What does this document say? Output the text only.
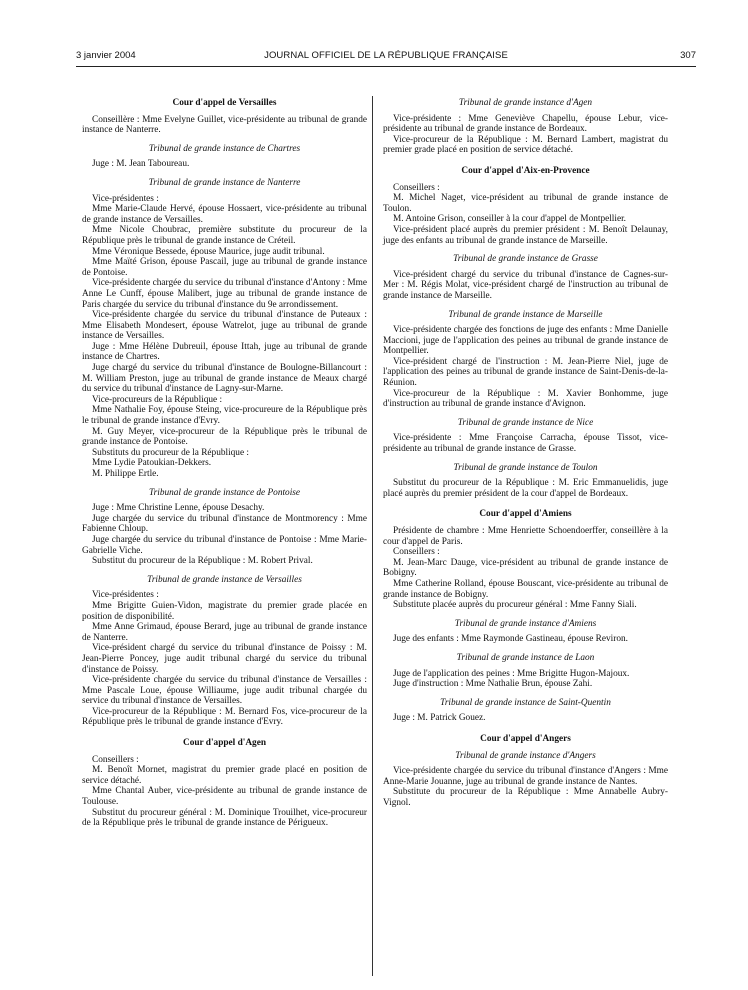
3 janvier 2004	JOURNAL OFFICIEL DE LA RÉPUBLIQUE FRANÇAISE	307
Cour d'appel de Versailles

Conseillère : Mme Evelyne Guillet, vice-présidente au tribunal de grande instance de Nanterre.

Tribunal de grande instance de Chartres

Juge : M. Jean Taboureau.

Tribunal de grande instance de Nanterre

Vice-présidentes :

Mme Marie-Claude Hervé, épouse Hossaert, vice-présidente au tribunal de grande instance de Versailles.

Mme Nicole Choubrac, première substitute du procureur de la République près le tribunal de grande instance de Créteil.

Mme Véronique Bessede, épouse Maurice, juge audit tribunal.

Mme Maïté Grison, épouse Pascail, juge au tribunal de grande instance de Pontoise.

Vice-présidente chargée du service du tribunal d'instance d'Antony : Mme Anne Le Cunff, épouse Malibert, juge au tribunal de grande instance de Paris chargée du service du tribunal d'instance du 9e arrondissement.

Vice-présidente chargée du service du tribunal d'instance de Puteaux : Mme Elisabeth Mondesert, épouse Watrelot, juge au tribunal de grande instance de Versailles.

Juge : Mme Hélène Dubreuil, épouse Ittah, juge au tribunal de grande instance de Chartres.

Juge chargé du service du tribunal d'instance de Boulogne-Billancourt : M. William Preston, juge au tribunal de grande instance de Meaux chargé du service du tribunal d'instance de Lagny-sur-Marne.

Vice-procureurs de la République :

Mme Nathalie Foy, épouse Steing, vice-procureure de la République près le tribunal de grande instance d'Evry.

M. Guy Meyer, vice-procureur de la République près le tribunal de grande instance de Pontoise.

Substituts du procureur de la République :

Mme Lydie Patoukian-Dekkers.

M. Philippe Ertle.

Tribunal de grande instance de Pontoise

Juge : Mme Christine Lenne, épouse Desachy.

Juge chargée du service du tribunal d'instance de Montmorency : Mme Fabienne Chloup.

Juge chargée du service du tribunal d'instance de Pontoise : Mme Marie-Gabrielle Viche.

Substitut du procureur de la République : M. Robert Prival.

Tribunal de grande instance de Versailles

Vice-présidentes :

Mme Brigitte Guien-Vidon, magistrate du premier grade placée en position de disponibilité.

Mme Anne Grimaud, épouse Berard, juge au tribunal de grande instance de Nanterre.

Vice-président chargé du service du tribunal d'instance de Poissy : M. Jean-Pierre Poncey, juge audit tribunal chargé du service du tribunal d'instance de Poissy.

Vice-présidente chargée du service du tribunal d'instance de Versailles : Mme Pascale Loue, épouse Williaume, juge audit tribunal chargée du service du tribunal d'instance de Versailles.

Vice-procureur de la République : M. Bernard Fos, vice-procureur de la République près le tribunal de grande instance d'Evry.

Cour d'appel d'Agen

Conseillers :

M. Benoît Mornet, magistrat du premier grade placé en position de service détaché.

Mme Chantal Auber, vice-présidente au tribunal de grande instance de Toulouse.

Substitut du procureur général : M. Dominique Trouilhet, vice-procureur de la République près le tribunal de grande instance de Périgueux.

Tribunal de grande instance d'Agen

Vice-présidente : Mme Geneviève Chapellu, épouse Lebur, vice-présidente au tribunal de grande instance de Bordeaux.

Vice-procureur de la République : M. Bernard Lambert, magistrat du premier grade placé en position de service détaché.

Cour d'appel d'Aix-en-Provence

Conseillers :

M. Michel Naget, vice-président au tribunal de grande instance de Toulon.

M. Antoine Grison, conseiller à la cour d'appel de Montpellier.

Vice-président placé auprès du premier président : M. Benoît Delaunay, juge des enfants au tribunal de grande instance de Marseille.

Tribunal de grande instance de Grasse

Vice-président chargé du service du tribunal d'instance de Cagnes-sur-Mer : M. Régis Molat, vice-président chargé de l'instruction au tribunal de grande instance de Marseille.

Tribunal de grande instance de Marseille

Vice-présidente chargée des fonctions de juge des enfants : Mme Danielle Maccioni, juge de l'application des peines au tribunal de grande instance de Montpellier.

Vice-président chargé de l'instruction : M. Jean-Pierre Niel, juge de l'application des peines au tribunal de grande instance de Saint-Denis-de-la-Réunion.

Vice-procureur de la République : M. Xavier Bonhomme, juge d'instruction au tribunal de grande instance d'Avignon.

Tribunal de grande instance de Nice

Vice-présidente : Mme Françoise Carracha, épouse Tissot, vice-présidente au tribunal de grande instance de Grasse.

Tribunal de grande instance de Toulon

Substitut du procureur de la République : M. Eric Emmanuelidis, juge placé auprès du premier président de la cour d'appel de Bordeaux.

Cour d'appel d'Amiens

Présidente de chambre : Mme Henriette Schoendoerffer, conseillère à la cour d'appel de Paris.

Conseillers :

M. Jean-Marc Dauge, vice-président au tribunal de grande instance de Bobigny.

Mme Catherine Rolland, épouse Bouscant, vice-présidente au tribunal de grande instance de Bobigny.

Substitute placée auprès du procureur général : Mme Fanny Siali.

Tribunal de grande instance d'Amiens

Juge des enfants : Mme Raymonde Gastineau, épouse Reviron.

Tribunal de grande instance de Laon

Juge de l'application des peines : Mme Brigitte Hugon-Majoux.

Juge d'instruction : Mme Nathalie Brun, épouse Zahi.

Tribunal de grande instance de Saint-Quentin

Juge : M. Patrick Gouez.

Cour d'appel d'Angers
Tribunal de grande instance d'Angers

Vice-présidente chargée du service du tribunal d'instance d'Angers : Mme Anne-Marie Jouanne, juge au tribunal de grande instance de Nantes.

Substitute du procureur de la République : Mme Annabelle Aubry-Vignol.
